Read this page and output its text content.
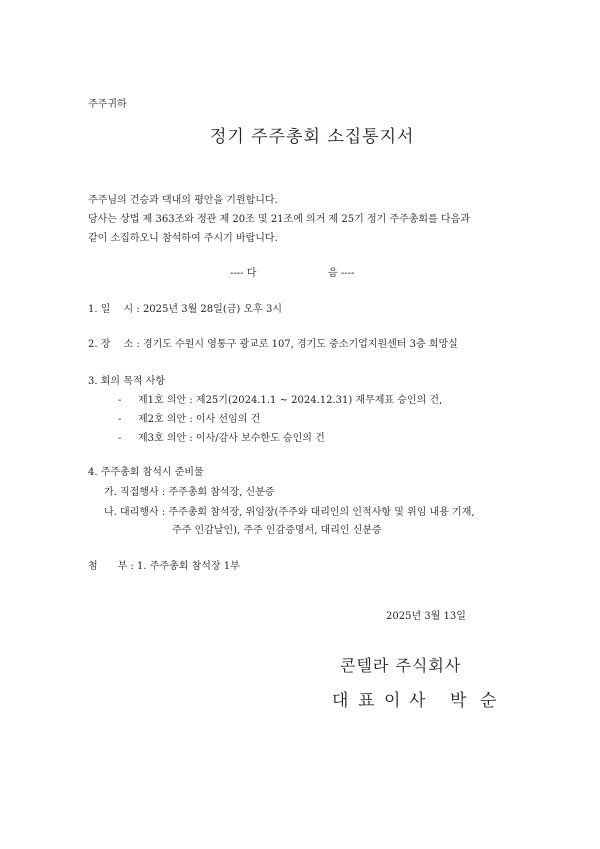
주주귀하
정기 주주총회 소집통지서
주주님의 건승과 댁내의 평안을 기원합니다.
당사는 상법 제 363조와 정관 제 20조 및 21조에 의거 제 25기 정기 주주총회를 다음과
같이 소집하오니 참석하여 주시기 바랍니다.
---- 다	음 ----
1. 일　 시 : 2025년 3월 28일(금) 오후 3시
2. 장　 소 : 경기도 수원시 영통구 광교로 107, 경기도 중소기업지원센터 3층 희망실
3. 회의 목적 사항
- 제1호 의안 : 제25기(2024.1.1 ~ 2024.12.31) 재무제표 승인의 건,
- 제2호 의안 : 이사 선임의 건
- 제3호 의안 : 이사/감사 보수한도 승인의 건
4. 주주총회 참석시 준비물
가. 직접행사 : 주주총회 참석장, 신분증
나. 대리행사 : 주주총회 참석장, 위임장(주주와 대리인의 인적사항 및 위임 내용 기재,
주주 인감날인), 주주 인감증명서, 대리인 신분증
첨　　부 : 1. 주주총회 참석장 1부
2025년 3월 13일
콘텔라 주식회사
대 표 이 사 박 순
